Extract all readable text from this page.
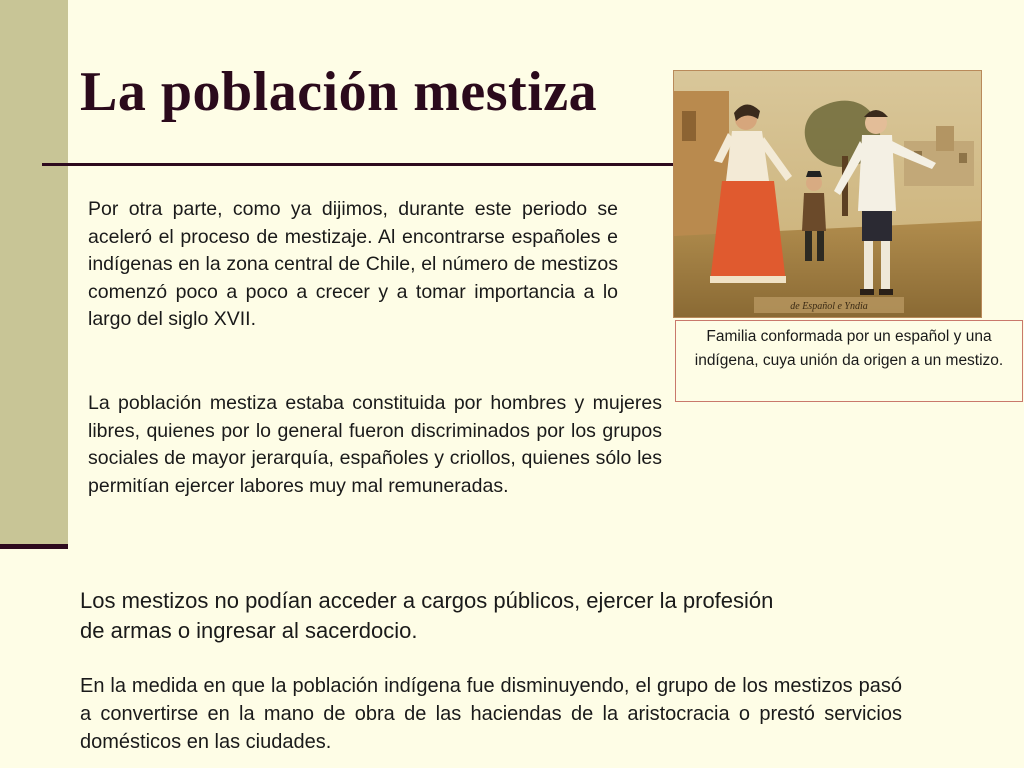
La población mestiza

Por otra parte, como ya dijimos, durante este periodo se aceleró el proceso de mestizaje. Al encontrarse españoles e indígenas en la zona central de Chile, el número de mestizos comenzó poco a poco a crecer y a tomar importancia a lo largo del siglo XVII.

La población mestiza estaba constituida por hombres y mujeres libres, quienes por lo general fueron discriminados por los grupos sociales de mayor jerarquía, españoles y criollos, quienes sólo les permitían ejercer labores muy mal remuneradas.

Los mestizos no podían acceder a cargos públicos, ejercer la profesión de armas o ingresar al sacerdocio.

En la medida en que la población indígena fue disminuyendo, el grupo de los mestizos pasó a convertirse en la mano de obra de las haciendas de la aristocracia o prestó servicios domésticos en las ciudades.

de Español e Yndia
Familia conformada por un español y una indígena, cuya unión da origen a un mestizo.
